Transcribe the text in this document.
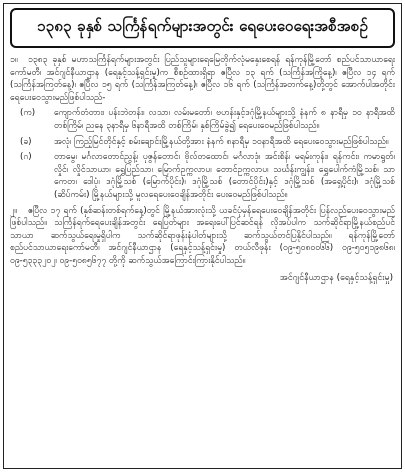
၁၃၈၃ ခုနှစ် သင်္ကြန်ရက်များအတွင်း ရေပေးဝေရေးအစီအစဉ်

၁။ ၁၃၈၃ ခုနှစ် မဟာသင်္ကြန်ရက်များအတွင်း ပြည်သူများရေမြေတိုက်လုံမနှေးစေရန် ရန်ကုန်မြို့တော် စည်ပင်သာယာရေးကော်မတီ၊ အင်ဂျင်နီယာဌာန (ရေနှင့်သန့်ရှင်းမှု)က စီစဉ်ထားရှိရာ ဧပြီလ ၁၃ ရက် (သင်္ကြန်အကြိုနေ့)၊ ဧပြီလ ၁၄ ရက် (သင်္ကြန်အကြတ်နေ့)၊ ဧပြီလ ၁၅ ရက် (သင်္ကြန်အကြတ်နေ့)၊ ဧပြီလ ၁၆ ရက် (သင်္ကြန်အတက်နေ့)တို့တွင် အောက်ပါအတိုင်း ရေပေးဝေသွားမည်ဖြစ်ပါသည်-

(က)	ကျောက်တံတား၊ ပန်းဘဲတန်း၊ လသာ၊ လမ်းမတော်၊ ဗဟန်းနှင့်ဒဂုံမြို့နယ်များသို့ နံနက် ၈ နာရီမှ ၁၀ နာရီအထိ တစ်ကြိမ်၊ ညနေ ၃နာရီမှ ၆နာရီအထိ တစ်ကြိမ်၊ နှစ်ကြိမ်ခွဲ၍ ရေပေးဝေမည်ဖြစ်ပါသည်။
(ခ)	အလုံ၊ ကြည့်မြင်တိုင်နှင့် စမ်းချောင်းမြို့နယ်တို့အား နံနက် ၈နာရီမှ ၁၀နာရီအထိ ရေပေးဝေသွားမည်ဖြစ်ပါသည်။
(ဂ)	တာမွေ၊ မင်္ဂလာတောင်ညွန့်၊ ပုဇွန်တောင်၊ ဗိုလ်တထောင်၊ မင်္ဂလာဒုံ၊ အင်းစိန်၊ မရမ်းကုန်း၊ ရန်ကင်း၊ ကမာရွတ်၊ လှိုင်၊ လှိုင်သာယာ၊ ရွှေပြည်သာ၊ မြောက်ဥက္ကလာပ၊ တောင်ဥက္ကလာပ၊ သင်္ဃန်းကျွန်း၊ ရွှေပေါက်ကံမြို့သစ်၊ သာကေတ၊ ဒေါပုံ၊ ဒဂုံမြို့သစ် (မြောက်ပိုင်း)၊ ဒဂုံမြို့သစ် (တောင်ပိုင်း)နှင့် ဒဂုံမြို့သစ် (အရှေ့ပိုင်း)၊ ဒဂုံမြို့သစ် (ဆိပ်ကမ်း) မြို့နယ်များသို့ မူလရေပေးဝေချိန်အတိုင်း ပေးဝေမည်ဖြစ်ပါသည်။

၂။ ဧပြီလ ၁၇ ရက် (နှစ်ဆန်းတစ်ရက်နေ့)တွင် မြို့နယ်အားလုံးသို့ ယခင်ပုံမှန်ရေပေးဝေချိန်အတိုင်း ပြန်လည်ပေးဝေသွားမည်ဖြစ်ပါသည်။ သင်္ကြန်ရက်ရေပေးချိန်အတွင်း ရေပြတ်များ အရေးပေါ်ပြင်ဆင်ရန် လိုအပ်ပါက သက်ဆိုင်ရာမြို့နယ်စည်ပင်သာယာ ဆက်သွယ်ရေးမှုရှိပါက သက်ဆိုင်ရာဖုန်းနံပါတ်များသို့ ဆက်သွယ်တင်ပြနိုင်ပါသည်။ ရန်ကုန်မြို့တော်စည်ပင်သာယာရေးကော်မတီ၊ အင်ဂျင်နီယာဌာန (ရေနှင့်သန့်ရှင်းမှု) တယ်လီဖုန်း (၀၉-၅၀၈၀၀၆၆) ၀၉-၅၀၅၁၉၈၆၈၊ ၀၉-၅၃၃၃၂၀၂၊ ၀၉-၅၀၈၅၆၇၇ တို့ကို ဆက်သွယ်အကြောင်းကြားနိုင်ပါသည်။

အင်ဂျင်နီယာဌာန (ရေနှင့်သန့်ရှင်းမှု)
